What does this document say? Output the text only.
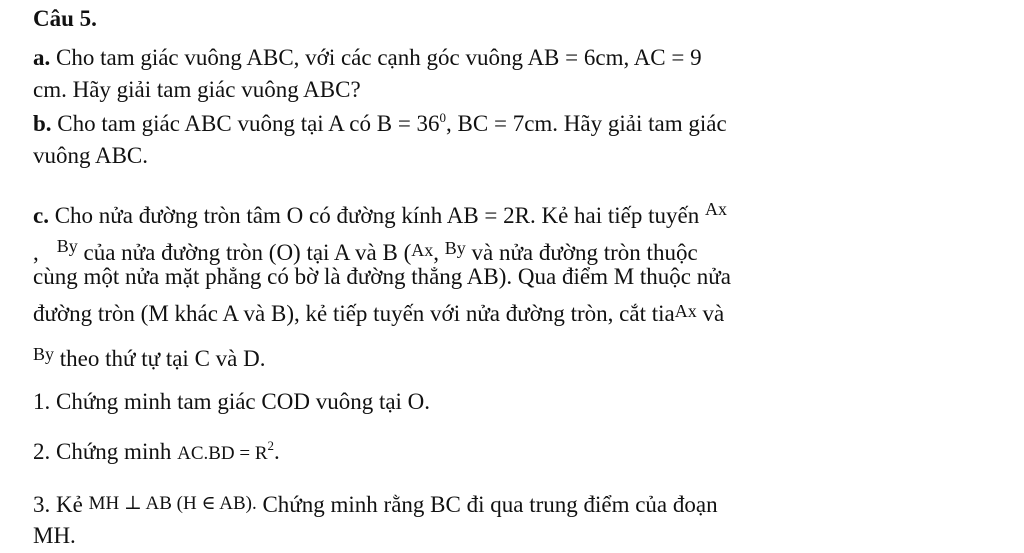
Câu 5.
a. Cho tam giác vuông ABC, với các cạnh góc vuông AB = 6cm, AC = 9
cm. Hãy giải tam giác vuông ABC?
b. Cho tam giác ABC vuông tại A có $B = 36^0$, BC = 7cm. Hãy giải tam giác
vuông ABC.
c. Cho nửa đường tròn tâm O có đường kính AB = 2R. Kẻ hai tiếp tuyến $^{Ax}$
, $^{By}$ của nửa đường tròn (O) tại A và B (Ax, $^{By}$ và nửa đường tròn thuộc
cùng một nửa mặt phẳng có bờ là đường thẳng AB). Qua điểm M thuộc nửa
đường tròn (M khác A và B), kẻ tiếp tuyến với nửa đường tròn, cắt tiaAx và
$^{By}$ theo thứ tự tại C và D.
1. Chứng minh tam giác COD vuông tại O.
2. Chứng minh $AC.BD = R^2$.
3. Kẻ MH ⊥ AB (H ∈ AB). Chứng minh rằng BC đi qua trung điểm của đoạn
MH.
